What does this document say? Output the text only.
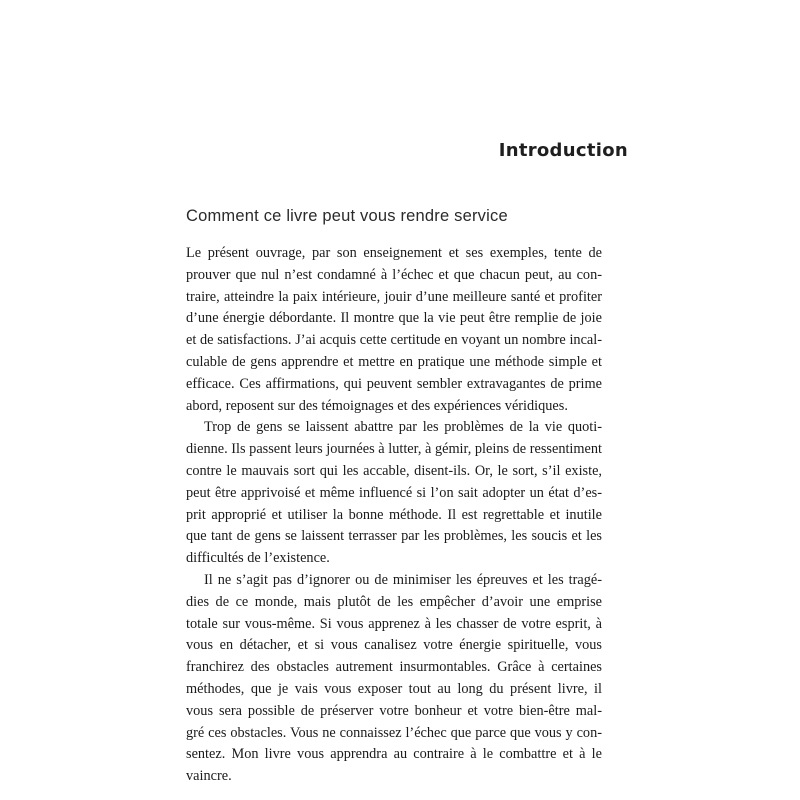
Introduction
Comment ce livre peut vous rendre service
Le présent ouvrage, par son enseignement et ses exemples, tente de
prouver que nul n’est condamné à l’échec et que chacun peut, au con-
traire, atteindre la paix intérieure, jouir d’une meilleure santé et profiter
d’une énergie débordante. Il montre que la vie peut être remplie de joie
et de satisfactions. J’ai acquis cette certitude en voyant un nombre incal-
culable de gens apprendre et mettre en pratique une méthode simple et
efficace. Ces affirmations, qui peuvent sembler extravagantes de prime
abord, reposent sur des témoignages et des expériences véridiques.
Trop de gens se laissent abattre par les problèmes de la vie quoti-
dienne. Ils passent leurs journées à lutter, à gémir, pleins de ressentiment
contre le mauvais sort qui les accable, disent-ils. Or, le sort, s’il existe,
peut être apprivoisé et même influencé si l’on sait adopter un état d’es-
prit approprié et utiliser la bonne méthode. Il est regrettable et inutile
que tant de gens se laissent terrasser par les problèmes, les soucis et les
difficultés de l’existence.
Il ne s’agit pas d’ignorer ou de minimiser les épreuves et les tragé-
dies de ce monde, mais plutôt de les empêcher d’avoir une emprise
totale sur vous-même. Si vous apprenez à les chasser de votre esprit, à
vous en détacher, et si vous canalisez votre énergie spirituelle, vous
franchirez des obstacles autrement insurmontables. Grâce à certaines
méthodes, que je vais vous exposer tout au long du présent livre, il
vous sera possible de préserver votre bonheur et votre bien-être mal-
gré ces obstacles. Vous ne connaissez l’échec que parce que vous y con-
sentez. Mon livre vous apprendra au contraire à le combattre et à le
vaincre.
